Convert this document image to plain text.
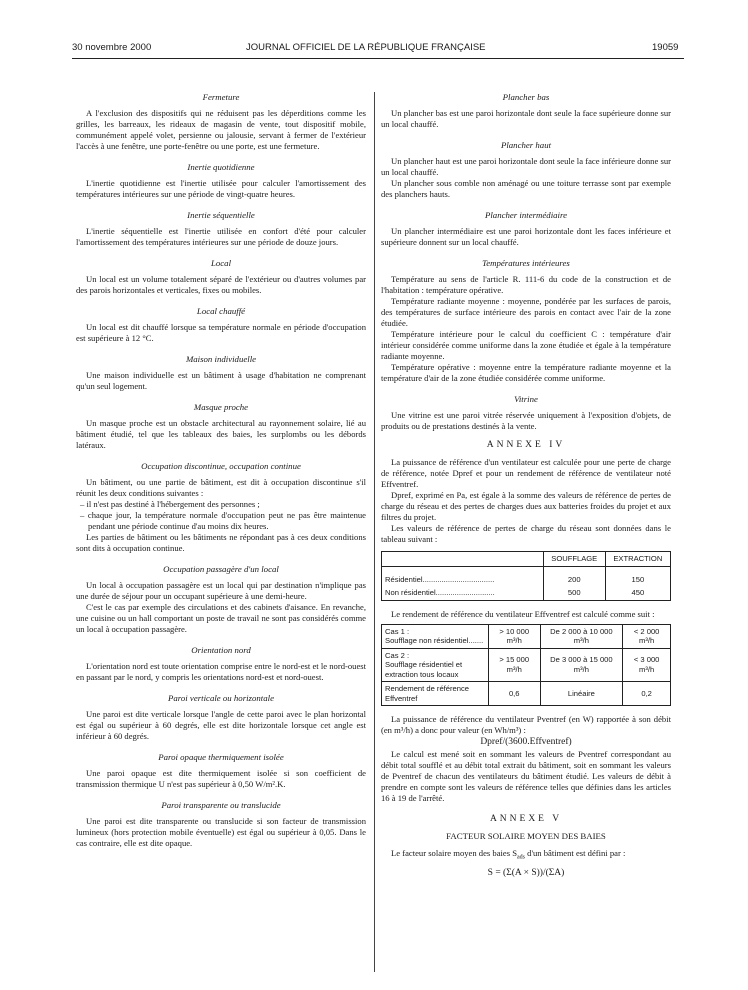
30 novembre 2000	JOURNAL OFFICIEL DE LA RÉPUBLIQUE FRANÇAISE	19059
Fermeture
A l'exclusion des dispositifs qui ne réduisent pas les déperditions comme les grilles, les barreaux, les rideaux de magasin de vente, tout dispositif mobile, communément appelé volet, persienne ou jalousie, servant à fermer de l'extérieur l'accès à une fenêtre, une porte-fenêtre ou une porte, est une fermeture.
Inertie quotidienne
L'inertie quotidienne est l'inertie utilisée pour calculer l'amortissement des températures intérieures sur une période de vingt-quatre heures.
Inertie séquentielle
L'inertie séquentielle est l'inertie utilisée en confort d'été pour calculer l'amortissement des températures intérieures sur une période de douze jours.
Local
Un local est un volume totalement séparé de l'extérieur ou d'autres volumes par des parois horizontales et verticales, fixes ou mobiles.
Local chauffé
Un local est dit chauffé lorsque sa température normale en période d'occupation est supérieure à 12 °C.
Maison individuelle
Une maison individuelle est un bâtiment à usage d'habitation ne comprenant qu'un seul logement.
Masque proche
Un masque proche est un obstacle architectural au rayonnement solaire, lié au bâtiment étudié, tel que les tableaux des baies, les surplombs ou les débords latéraux.
Occupation discontinue, occupation continue
Un bâtiment, ou une partie de bâtiment, est dit à occupation discontinue s'il réunit les deux conditions suivantes :
– il n'est pas destiné à l'hébergement des personnes ;
– chaque jour, la température normale d'occupation peut ne pas être maintenue pendant une période continue d'au moins dix heures.
Les parties de bâtiment ou les bâtiments ne répondant pas à ces deux conditions sont dits à occupation continue.
Occupation passagère d'un local
Un local à occupation passagère est un local qui par destination n'implique pas une durée de séjour pour un occupant supérieure à une demi-heure.
C'est le cas par exemple des circulations et des cabinets d'aisance. En revanche, une cuisine ou un hall comportant un poste de travail ne sont pas considérés comme un local à occupation passagère.
Orientation nord
L'orientation nord est toute orientation comprise entre le nord-est et le nord-ouest en passant par le nord, y compris les orientations nord-est et nord-ouest.
Paroi verticale ou horizontale
Une paroi est dite verticale lorsque l'angle de cette paroi avec le plan horizontal est égal ou supérieur à 60 degrés, elle est dite horizontale lorsque cet angle est inférieur à 60 degrés.
Paroi opaque thermiquement isolée
Une paroi opaque est dite thermiquement isolée si son coefficient de transmission thermique U n'est pas supérieur à 0,50 W/m².K.
Paroi transparente ou translucide
Une paroi est dite transparente ou translucide si son facteur de transmission lumineux (hors protection mobile éventuelle) est égal ou supérieur à 0,05. Dans le cas contraire, elle est dite opaque.
Plancher bas
Un plancher bas est une paroi horizontale dont seule la face supérieure donne sur un local chauffé.
Plancher haut
Un plancher haut est une paroi horizontale dont seule la face inférieure donne sur un local chauffé.
Un plancher sous comble non aménagé ou une toiture terrasse sont par exemple des planchers hauts.
Plancher intermédiaire
Un plancher intermédiaire est une paroi horizontale dont les faces inférieure et supérieure donnent sur un local chauffé.
Températures intérieures
Température au sens de l'article R. 111-6 du code de la construction et de l'habitation : température opérative.
Température radiante moyenne : moyenne, pondérée par les surfaces de parois, des températures de surface intérieure des parois en contact avec l'air de la zone étudiée.
Température intérieure pour le calcul du coefficient C : température d'air intérieur considérée comme uniforme dans la zone étudiée et égale à la température radiante moyenne.
Température opérative : moyenne entre la température radiante moyenne et la température d'air de la zone étudiée considérée comme uniforme.
Vitrine
Une vitrine est une paroi vitrée réservée uniquement à l'exposition d'objets, de produits ou de prestations destinés à la vente.
ANNEXE IV
La puissance de référence d'un ventilateur est calculée pour une perte de charge de référence, notée Dpref et pour un rendement de référence de ventilateur noté Effventref.
Dpref, exprimé en Pa, est égale à la somme des valeurs de référence de pertes de charge du réseau et des pertes de charges dues aux batteries froides du projet et aux filtres du projet.
Les valeurs de référence de pertes de charge du réseau sont données dans le tableau suivant :
	SOUFFLAGE	EXTRACTION
Résidentiel..................................	200	150
Non résidentiel............................	500	450
Le rendement de référence du ventilateur Effventref est calculé comme suit :
Cas 1 :
Soufflage non résidentiel.......	> 10 000 m³/h	De 2 000 à 10 000 m³/h	< 2 000 m³/h

Cas 2 :
Soufflage résidentiel et extraction tous locaux	> 15 000 m³/h	De 3 000 à 15 000 m³/h	< 3 000 m³/h
Rendement de référence Effventref	0,6	Linéaire	0,2
La puissance de référence du ventilateur Pventref (en W) rapportée à son débit (en m³/h) a donc pour valeur (en Wh/m³) :
Dpref/(3600.Effventref)
Le calcul est mené soit en sommant les valeurs de Pventref correspondant au débit total soufflé et au débit total extrait du bâtiment, soit en sommant les valeurs de Pventref de chacun des ventilateurs du bâtiment étudié. Les valeurs de débit à prendre en compte sont les valeurs de référence telles que définies dans les articles 16 à 19 de l'arrêté.
ANNEXE V
FACTEUR SOLAIRE MOYEN DES BAIES
Le facteur solaire moyen des baies $S_{ads}$ d'un bâtiment est défini par :
S = (Σ(A × S))/(ΣA)
